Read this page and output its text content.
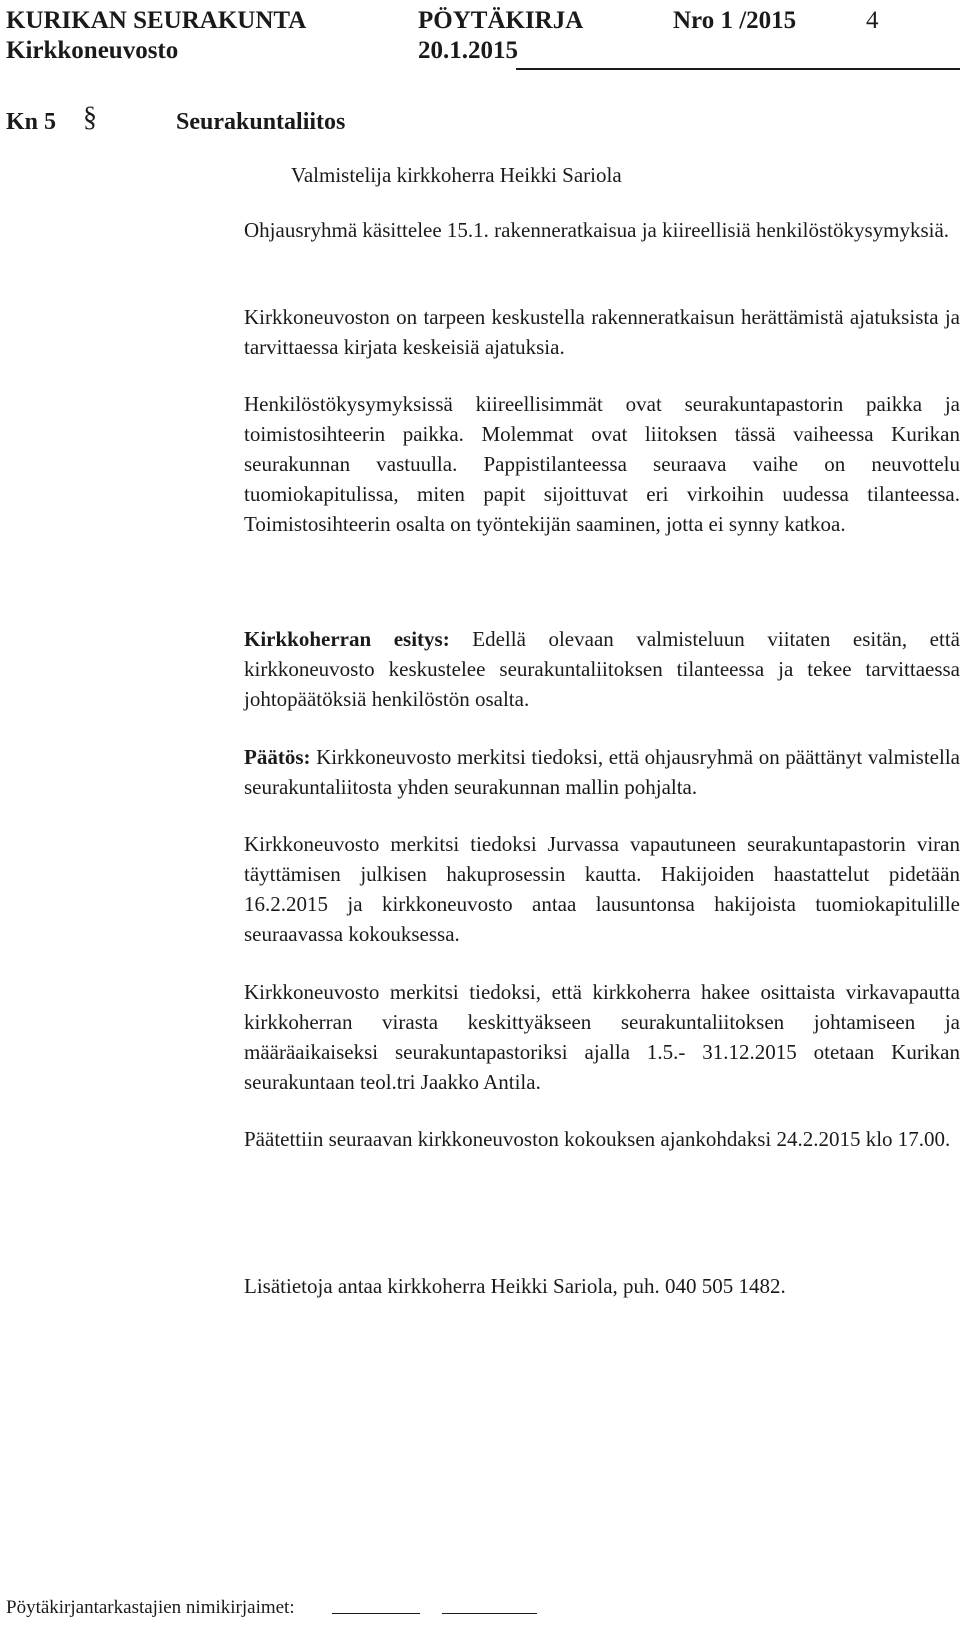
KURIKAN SEURAKUNTA	PÖYTÄKIRJA	Nro 1 /2015	4
Kirkkoneuvosto	20.1.2015
Kn 5 §	Seurakuntaliitos
Valmistelija kirkkoherra Heikki Sariola
Ohjausryhmä käsittelee 15.1. rakenneratkaisua ja kiireellisiä henkilöstökysymyksiä.
Kirkkoneuvoston on tarpeen keskustella rakenneratkaisun herättämistä ajatuksista ja tarvittaessa kirjata keskeisiä ajatuksia.
Henkilöstökysymyksissä kiireellisimmät ovat seurakuntapastorin paikka ja toimistosihteerin paikka. Molemmat ovat liitoksen tässä vaiheessa Kurikan seurakunnan vastuulla. Pappistilanteessa seuraava vaihe on neuvottelu tuomiokapitulissa, miten papit sijoittuvat eri virkoihin uudessa tilanteessa. Toimistosihteerin osalta on työntekijän saaminen, jotta ei synny katkoa.
Kirkkoherran esitys: Edellä olevaan valmisteluun viitaten esitän, että kirkkoneuvosto keskustelee seurakuntaliitoksen tilanteessa ja tekee tarvittaessa johtopäätöksiä henkilöstön osalta.
Päätös: Kirkkoneuvosto merkitsi tiedoksi, että ohjausryhmä on päättänyt valmistella seurakuntaliitosta yhden seurakunnan mallin pohjalta.
Kirkkoneuvosto merkitsi tiedoksi Jurvassa vapautuneen seurakuntapastorin viran täyttämisen julkisen hakuprosessin kautta. Hakijoiden haastattelut pidetään 16.2.2015 ja kirkkoneuvosto antaa lausuntonsa hakijoista tuomiokapitulille seuraavassa kokouksessa.
Kirkkoneuvosto merkitsi tiedoksi, että kirkkoherra hakee osittaista virkavapautta kirkkoherran virasta keskittyäkseen seurakuntaliitoksen johtamiseen ja määräaikaiseksi seurakuntapastoriksi ajalla 1.5.- 31.12.2015 otetaan Kurikan seurakuntaan teol.tri Jaakko Antila.
Päätettiin seuraavan kirkkoneuvoston kokouksen ajankohdaksi 24.2.2015 klo 17.00.
Lisätietoja antaa kirkkoherra Heikki Sariola, puh. 040 505 1482.
Pöytäkirjantarkastajien nimikirjaimet:
